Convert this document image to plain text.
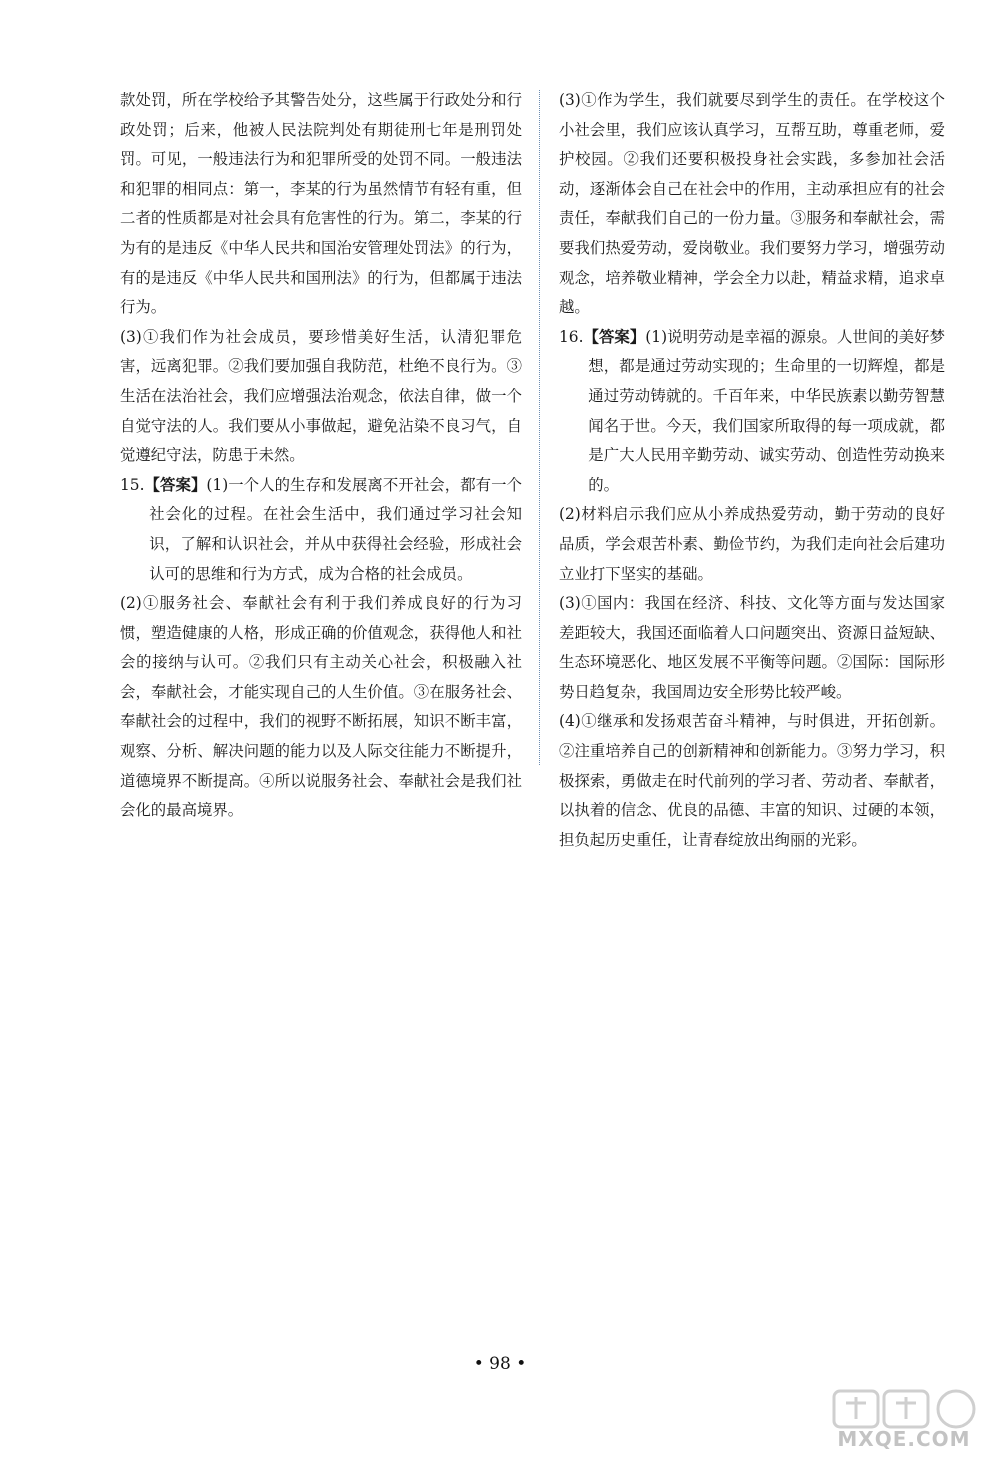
款处罚，所在学校给予其警告处分，这些属于行政处分和行政处罚；后来，他被人民法院判处有期徒刑七年是刑罚处罚。可见，一般违法行为和犯罪所受的处罚不同。一般违法和犯罪的相同点：第一，李某的行为虽然情节有轻有重，但二者的性质都是对社会具有危害性的行为。第二，李某的行为有的是违反《中华人民共和国治安管理处罚法》的行为，有的是违反《中华人民共和国刑法》的行为，但都属于违法行为。

(3)①我们作为社会成员，要珍惜美好生活，认清犯罪危害，远离犯罪。②我们要加强自我防范，杜绝不良行为。③生活在法治社会，我们应增强法治观念，依法自律，做一个自觉守法的人。我们要从小事做起，避免沾染不良习气，自觉遵纪守法，防患于未然。

15.【答案】(1)一个人的生存和发展离不开社会，都有一个社会化的过程。在社会生活中，我们通过学习社会知识，了解和认识社会，并从中获得社会经验，形成社会认可的思维和行为方式，成为合格的社会成员。

(2)①服务社会、奉献社会有利于我们养成良好的行为习惯，塑造健康的人格，形成正确的价值观念，获得他人和社会的接纳与认可。②我们只有主动关心社会，积极融入社会，奉献社会，才能实现自己的人生价值。③在服务社会、奉献社会的过程中，我们的视野不断拓展，知识不断丰富，观察、分析、解决问题的能力以及人际交往能力不断提升，道德境界不断提高。④所以说服务社会、奉献社会是我们社会化的最高境界。

(3)①作为学生，我们就要尽到学生的责任。在学校这个小社会里，我们应该认真学习，互帮互助，尊重老师，爱护校园。②我们还要积极投身社会实践，多参加社会活动，逐渐体会自己在社会中的作用，主动承担应有的社会责任，奉献我们自己的一份力量。③服务和奉献社会，需要我们热爱劳动，爱岗敬业。我们要努力学习，增强劳动观念，培养敬业精神，学会全力以赴，精益求精，追求卓越。

16.【答案】(1)说明劳动是幸福的源泉。人世间的美好梦想，都是通过劳动实现的；生命里的一切辉煌，都是通过劳动铸就的。千百年来，中华民族素以勤劳智慧闻名于世。今天，我们国家所取得的每一项成就，都是广大人民用辛勤劳动、诚实劳动、创造性劳动换来的。

(2)材料启示我们应从小养成热爱劳动，勤于劳动的良好品质，学会艰苦朴素、勤俭节约，为我们走向社会后建功立业打下坚实的基础。

(3)①国内：我国在经济、科技、文化等方面与发达国家差距较大，我国还面临着人口问题突出、资源日益短缺、生态环境恶化、地区发展不平衡等问题。②国际：国际形势日趋复杂，我国周边安全形势比较严峻。

(4)①继承和发扬艰苦奋斗精神，与时俱进，开拓创新。②注重培养自己的创新精神和创新能力。③努力学习，积极探索，勇做走在时代前列的学习者、劳动者、奉献者，以执着的信念、优良的品德、丰富的知识、过硬的本领，担负起历史重任，让青春绽放出绚丽的光彩。

• 98 •
MXQE.COM
